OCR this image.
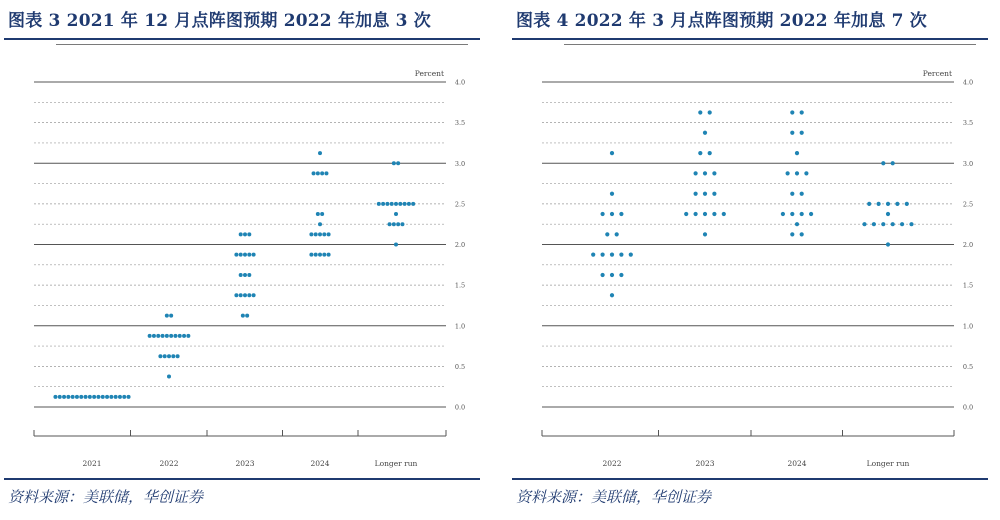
图表 3 2021 年 12 月点阵图预期 2022 年加息 3 次
Percent
0.0
0.5
1.0
1.5
2.0
2.5
3.0
3.5
4.0
2021	2022	2023	2024	Longer run
资料来源：美联储，华创证券
图表 4 2022 年 3 月点阵图预期 2022 年加息 7 次
Percent
0.0
0.5
1.0
1.5
2.0
2.5
3.0
3.5
4.0
2022	2023	2024	Longer run
资料来源：美联储，华创证券
